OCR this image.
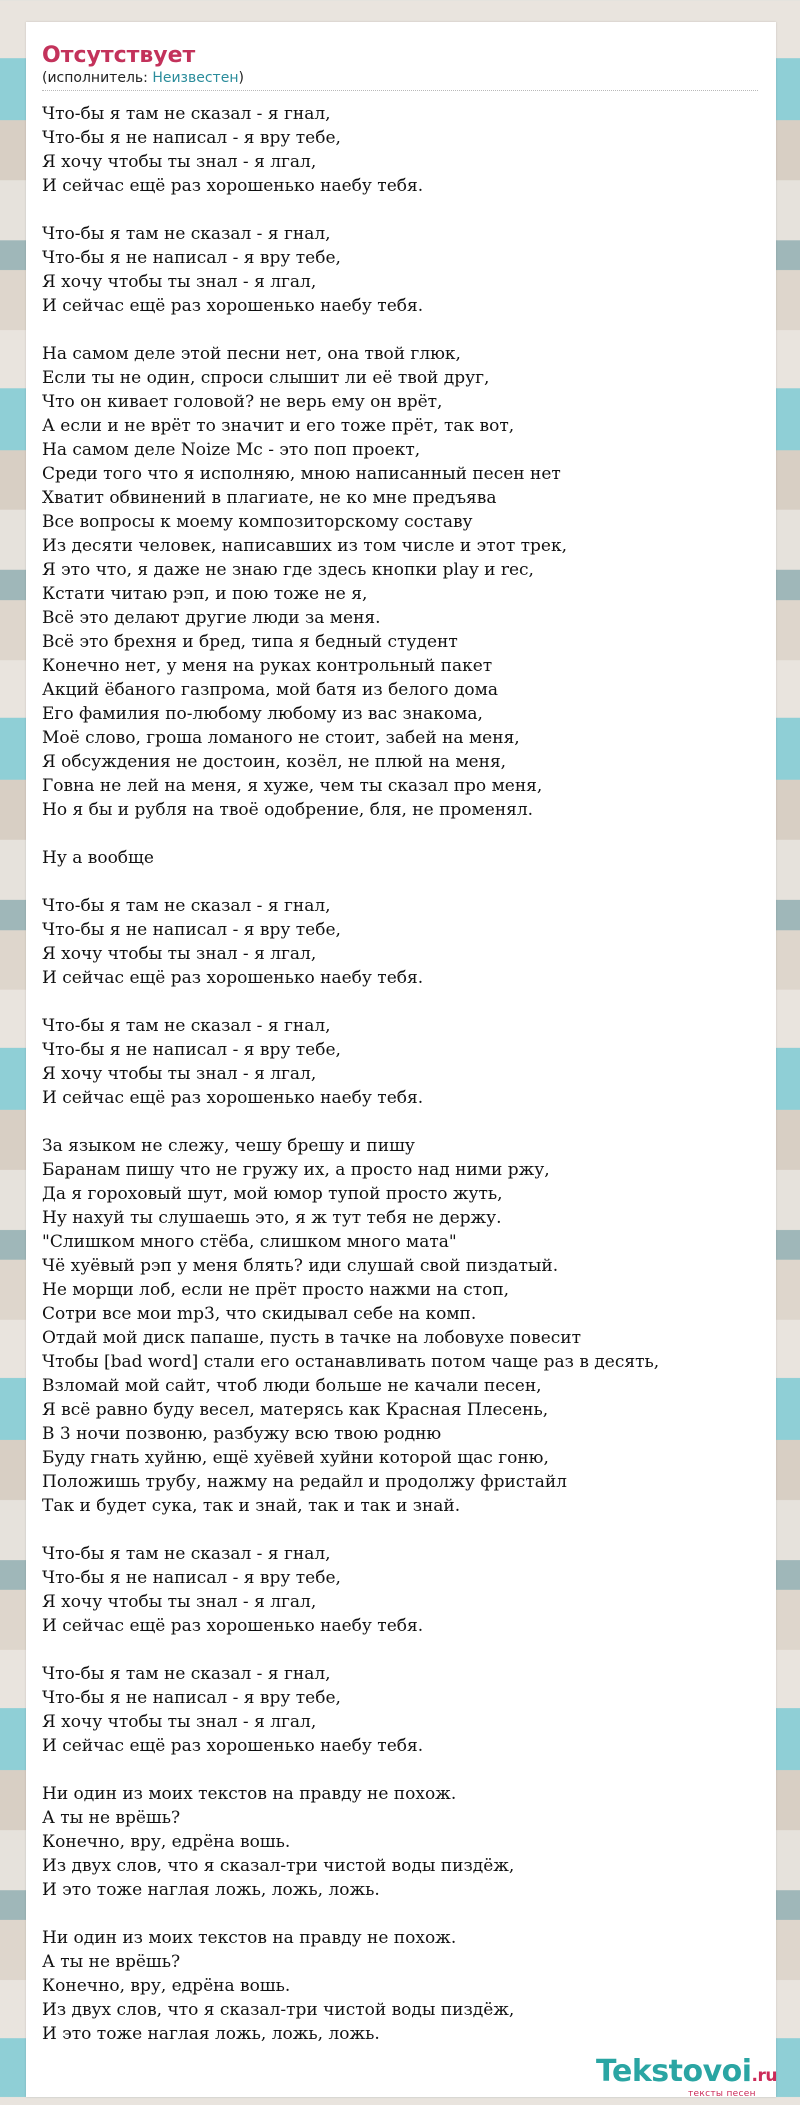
Отсутствует
(исполнитель: Неизвестен)
Что-бы я там не сказал - я гнал,
Что-бы я не написал - я вру тебе,
Я хочу чтобы ты знал - я лгал,
И сейчас ещё раз хорошенько наебу тебя.
Что-бы я там не сказал - я гнал,
Что-бы я не написал - я вру тебе,
Я хочу чтобы ты знал - я лгал,
И сейчас ещё раз хорошенько наебу тебя.
На самом деле этой песни нет, она твой глюк,
Если ты не один, спроси слышит ли её твой друг,
Что он кивает головой? не верь ему он врёт,
А если и не врёт то значит и его тоже прёт, так вот,
На самом деле Noize Mc - это поп проект,
Среди того что я исполняю, мною написанный песен нет
Хватит обвинений в плагиате, не ко мне предъява
Все вопросы к моему композиторскому составу
Из десяти человек, написавших из том числе и этот трек,
Я это что, я даже не знаю где здесь кнопки play и rec,
Кстати читаю рэп, и пою тоже не я,
Всё это делают другие люди за меня.
Всё это брехня и бред, типа я бедный студент
Конечно нет, у меня на руках контрольный пакет
Акций ёбаного газпрома, мой батя из белого дома
Его фамилия по-любому любому из вас знакома,
Моё слово, гроша ломаного не стоит, забей на меня,
Я обсуждения не достоин, козёл, не плюй на меня,
Говна не лей на меня, я хуже, чем ты сказал про меня,
Но я бы и рубля на твоё одобрение, бля, не променял.
Ну а вообще
Что-бы я там не сказал - я гнал,
Что-бы я не написал - я вру тебе,
Я хочу чтобы ты знал - я лгал,
И сейчас ещё раз хорошенько наебу тебя.
Что-бы я там не сказал - я гнал,
Что-бы я не написал - я вру тебе,
Я хочу чтобы ты знал - я лгал,
И сейчас ещё раз хорошенько наебу тебя.
За языком не слежу, чешу брешу и пишу
Баранам пишу что не гружу их, а просто над ними ржу,
Да я гороховый шут, мой юмор тупой просто жуть,
Ну нахуй ты слушаешь это, я ж тут тебя не держу.
"Слишком много стёба, слишком много мата"
Чё хуёвый рэп у меня блять? иди слушай свой пиздатый.
Не морщи лоб, если не прёт просто нажми на стоп,
Сотри все мои mp3, что скидывал себе на комп.
Отдай мой диск папаше, пусть в тачке на лобовухе повесит
Чтобы [bad word] стали его останавливать потом чаще раз в десять,
Взломай мой сайт, чтоб люди больше не качали песен,
Я всё равно буду весел, матерясь как Красная Плесень,
В 3 ночи позвоню, разбужу всю твою родню
Буду гнать хуйню, ещё хуёвей хуйни которой щас гоню,
Положишь трубу, нажму на редайл и продолжу фристайл
Так и будет сука, так и знай, так и так и знай.
Что-бы я там не сказал - я гнал,
Что-бы я не написал - я вру тебе,
Я хочу чтобы ты знал - я лгал,
И сейчас ещё раз хорошенько наебу тебя.
Что-бы я там не сказал - я гнал,
Что-бы я не написал - я вру тебе,
Я хочу чтобы ты знал - я лгал,
И сейчас ещё раз хорошенько наебу тебя.
Ни один из моих текстов на правду не похож.
А ты не врёшь?
Конечно, вру, едрёна вошь.
Из двух слов, что я сказал-три чистой воды пиздёж,
И это тоже наглая ложь, ложь, ложь.
Ни один из моих текстов на правду не похож.
А ты не врёшь?
Конечно, вру, едрёна вошь.
Из двух слов, что я сказал-три чистой воды пиздёж,
И это тоже наглая ложь, ложь, ложь.
Tekstovoi.ru
тексты песен
